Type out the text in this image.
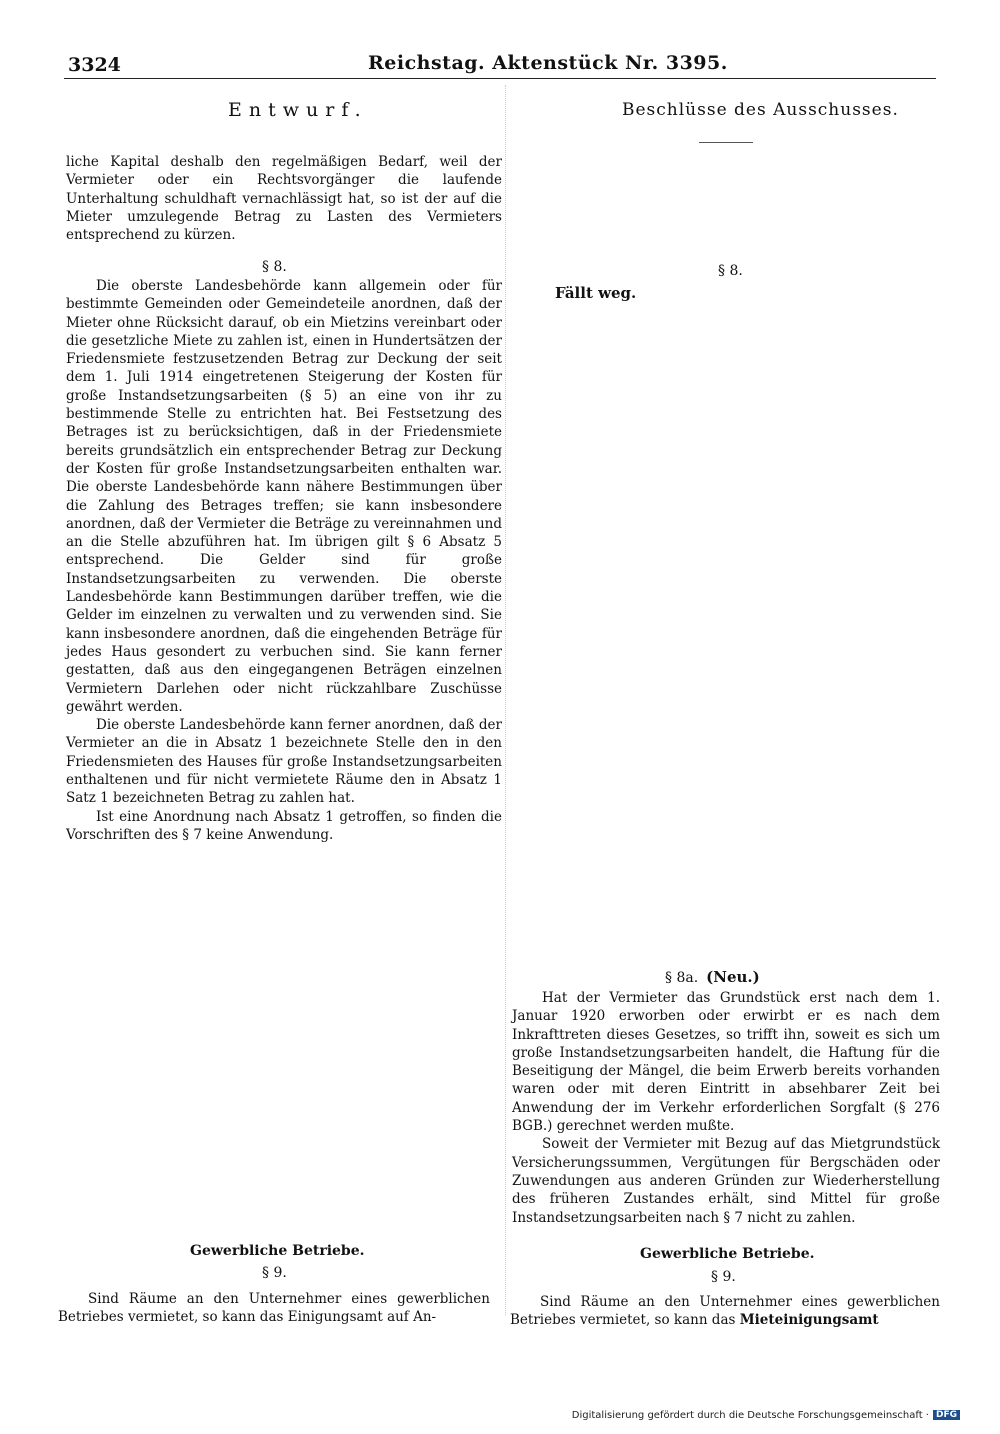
3324	Reichstag. Aktenstück Nr. 3395.
Entwurf.

liche Kapital deshalb den regelmäßigen Bedarf, weil der Vermieter oder ein Rechtsvorgänger die laufende Unterhaltung schuldhaft vernachlässigt hat, so ist der auf die Mieter umzulegende Betrag zu Lasten des Vermieters entsprechend zu kürzen.

§ 8.

Die oberste Landesbehörde kann allgemein oder für bestimmte Gemeinden oder Gemeindeteile anordnen, daß der Mieter ohne Rücksicht darauf, ob ein Mietzins vereinbart oder die gesetzliche Miete zu zahlen ist, einen in Hundertsätzen der Friedensmiete festzusetzenden Betrag zur Deckung der seit dem 1. Juli 1914 eingetretenen Steigerung der Kosten für große Instandsetzungsarbeiten (§ 5) an eine von ihr zu bestimmende Stelle zu entrichten hat. Bei Festsetzung des Betrages ist zu berücksichtigen, daß in der Friedensmiete bereits grundsätzlich ein entsprechender Betrag zur Deckung der Kosten für große Instandsetzungsarbeiten enthalten war. Die oberste Landesbehörde kann nähere Bestimmungen über die Zahlung des Betrages treffen; sie kann insbesondere anordnen, daß der Vermieter die Beträge zu vereinnahmen und an die Stelle abzuführen hat. Im übrigen gilt § 6 Absatz 5 entsprechend. Die Gelder sind für große Instandsetzungsarbeiten zu verwenden. Die oberste Landesbehörde kann Bestimmungen darüber treffen, wie die Gelder im einzelnen zu verwalten und zu verwenden sind. Sie kann insbesondere anordnen, daß die eingehenden Beträge für jedes Haus gesondert zu verbuchen sind. Sie kann ferner gestatten, daß aus den eingegangenen Beträgen einzelnen Vermietern Darlehen oder nicht rückzahlbare Zuschüsse gewährt werden.

Die oberste Landesbehörde kann ferner anordnen, daß der Vermieter an die in Absatz 1 bezeichnete Stelle den in den Friedensmieten des Hauses für große Instandsetzungsarbeiten enthaltenen und für nicht vermietete Räume den in Absatz 1 Satz 1 bezeichneten Betrag zu zahlen hat.

Ist eine Anordnung nach Absatz 1 getroffen, so finden die Vorschriften des § 7 keine Anwendung.

Gewerbliche Betriebe.
§ 9.

Sind Räume an den Unternehmer eines gewerblichen Betriebes vermietet, so kann das Einigungsamt auf An-

Beschlüsse des Ausschusses.
§ 8.
Fällt weg.
§ 8a. (Neu.)

Hat der Vermieter das Grundstück erst nach dem 1. Januar 1920 erworben oder erwirbt er es nach dem Inkrafttreten dieses Gesetzes, so trifft ihn, soweit es sich um große Instandsetzungsarbeiten handelt, die Haftung für die Beseitigung der Mängel, die beim Erwerb bereits vorhanden waren oder mit deren Eintritt in absehbarer Zeit bei Anwendung der im Verkehr erforderlichen Sorgfalt (§ 276 BGB.) gerechnet werden mußte.

Soweit der Vermieter mit Bezug auf das Mietgrundstück Versicherungssummen, Vergütungen für Bergschäden oder Zuwendungen aus anderen Gründen zur Wiederherstellung des früheren Zustandes erhält, sind Mittel für große Instandsetzungsarbeiten nach § 7 nicht zu zahlen.

Gewerbliche Betriebe.
§ 9.

Sind Räume an den Unternehmer eines gewerblichen Betriebes vermietet, so kann das Mieteinigungsamt

Digitalisierung gefördert durch die Deutsche Forschungsgemeinschaft · DFG
